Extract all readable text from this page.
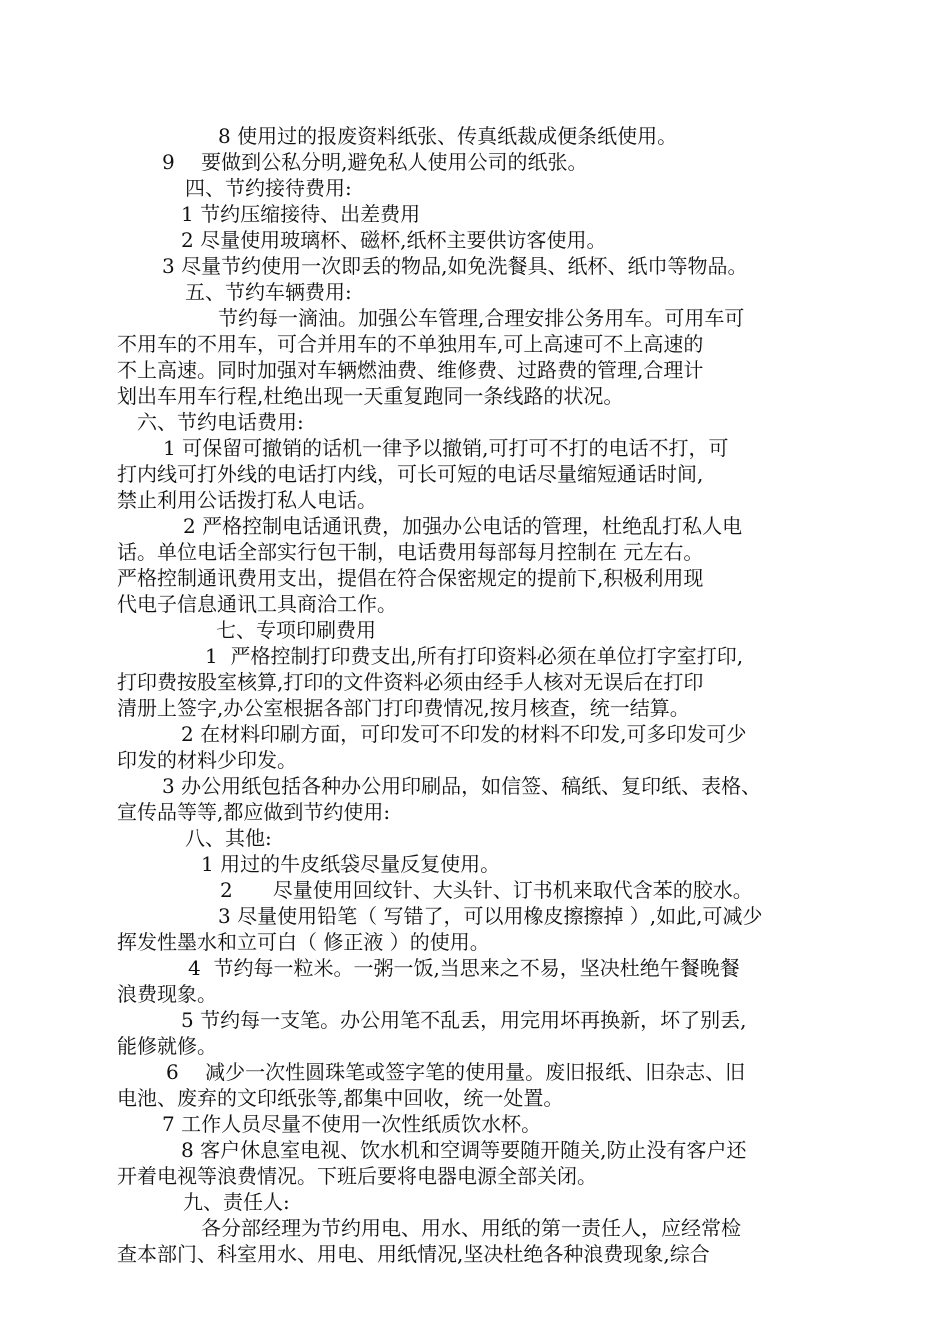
8 使用过的报废资料纸张、传真纸裁成便条纸使用。
9　 要做到公私分明,避免私人使用公司的纸张。
四、节约接待费用:
1 节约压缩接待、出差费用
2 尽量使用玻璃杯、磁杯,纸杯主要供访客使用。
3 尽量节约使用一次即丢的物品,如免洗餐具、纸杯、纸巾等物品。
五、节约车辆费用:
节约每一滴油。加强公车管理,合理安排公务用车。可用车可
不用车的不用车，可合并用车的不单独用车,可上高速可不上高速的
不上高速。同时加强对车辆燃油费、维修费、过路费的管理,合理计
划出车用车行程,杜绝出现一天重复跑同一条线路的状况。
六、节约电话费用:
1 可保留可撤销的话机一律予以撤销,可打可不打的电话不打，可
打内线可打外线的电话打内线，可长可短的电话尽量缩短通话时间,
禁止利用公话拨打私人电话。
2 严格控制电话通讯费，加强办公电话的管理，杜绝乱打私人电
话。单位电话全部实行包干制，电话费用每部每月控制在 元左右。
严格控制通讯费用支出，提倡在符合保密规定的提前下,积极利用现
代电子信息通讯工具商洽工作。
七、专项印刷费用
1  严格控制打印费支出,所有打印资料必须在单位打字室打印,
打印费按股室核算,打印的文件资料必须由经手人核对无误后在打印
清册上签字,办公室根据各部门打印费情况,按月核查，统一结算。
2 在材料印刷方面，可印发可不印发的材料不印发,可多印发可少
印发的材料少印发。
3 办公用纸包括各种办公用印刷品，如信签、稿纸、复印纸、表格、
宣传品等等,都应做到节约使用:
八、其他:
1 用过的牛皮纸袋尽量反复使用。
2　　尽量使用回纹针、大头针、订书机来取代含苯的胶水。
3 尽量使用铅笔（ 写错了，可以用橡皮擦擦掉 ）,如此,可减少
挥发性墨水和立可白（ 修正液 ）的使用。
4  节约每一粒米。一粥一饭,当思来之不易，坚决杜绝午餐晚餐
浪费现象。
5 节约每一支笔。办公用笔不乱丢，用完用坏再换新，坏了别丢,
能修就修。
6　 减少一次性圆珠笔或签字笔的使用量。废旧报纸、旧杂志、旧
电池、废弃的文印纸张等,都集中回收，统一处置。
7 工作人员尽量不使用一次性纸质饮水杯。
8 客户休息室电视、饮水机和空调等要随开随关,防止没有客户还
开着电视等浪费情况。下班后要将电器电源全部关闭。
九、责任人:
各分部经理为节约用电、用水、用纸的第一责任人，应经常检
查本部门、科室用水、用电、用纸情况,坚决杜绝各种浪费现象,综合
